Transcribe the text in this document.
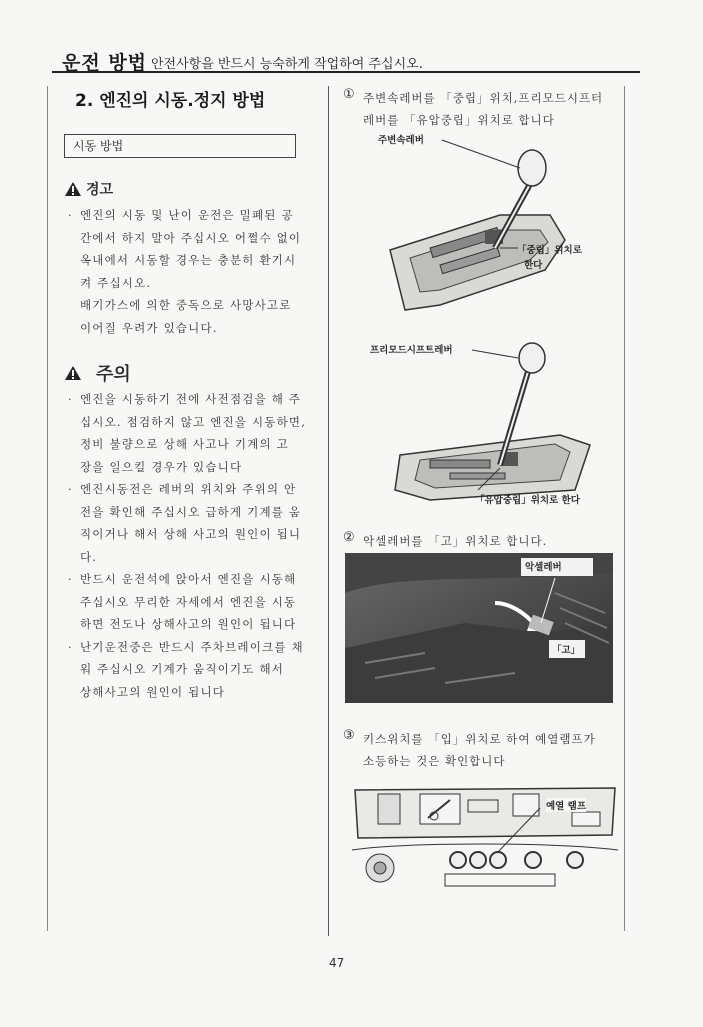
운전 방법 안전사항을 반드시 능숙하게 작업하여 주십시오.
2. 엔진의 시동.정지 방법
시동 방법
경고
· 엔진의 시동 및 난이 운전은 밀폐된 공
간에서 하지 말아 주십시오 어쩔수 없이
옥내에서 시동할 경우는 충분히 환기시
켜 주십시오.
배기가스에 의한 중독으로 사망사고로
이어질 우려가 있습니다.
주의
· 엔진을 시동하기 전에 사전점검을 해 주
십시오. 점검하지 않고 엔진을 시동하면,
정비 불량으로 상해 사고나 기계의 고
장을 일으킬 경우가 있습니다
· 엔진시동전은 레버의 위치와 주위의 안
전을 확인해 주십시오 급하게 기계를 움
직이거나 해서 상해 사고의 원인이 됩니
다.
· 반드시 운전석에 앉아서 엔진을 시동해
주십시오 무리한 자세에서 엔진을 시동
하면 전도나 상해사고의 원인이 됩니다
· 난기운전중은 반드시 주차브레이크를 채
워 주십시오 기계가 움직이기도 해서
상해사고의 원인이 됩니다
① 주변속레버를 「중립」위치,프리모드시프터
레버를 「유압중립」위치로 합니다
② 악셀레버를 「고」위치로 합니다.
③ 키스위치를 「입」위치로 하여 예열램프가
소등하는 것은 확인합니다
주변속레버
「중립」위치로
한다
프리모드시프트레버
「유압중립」위치로 한다
악셀레버
「고」
예열 램프
47
